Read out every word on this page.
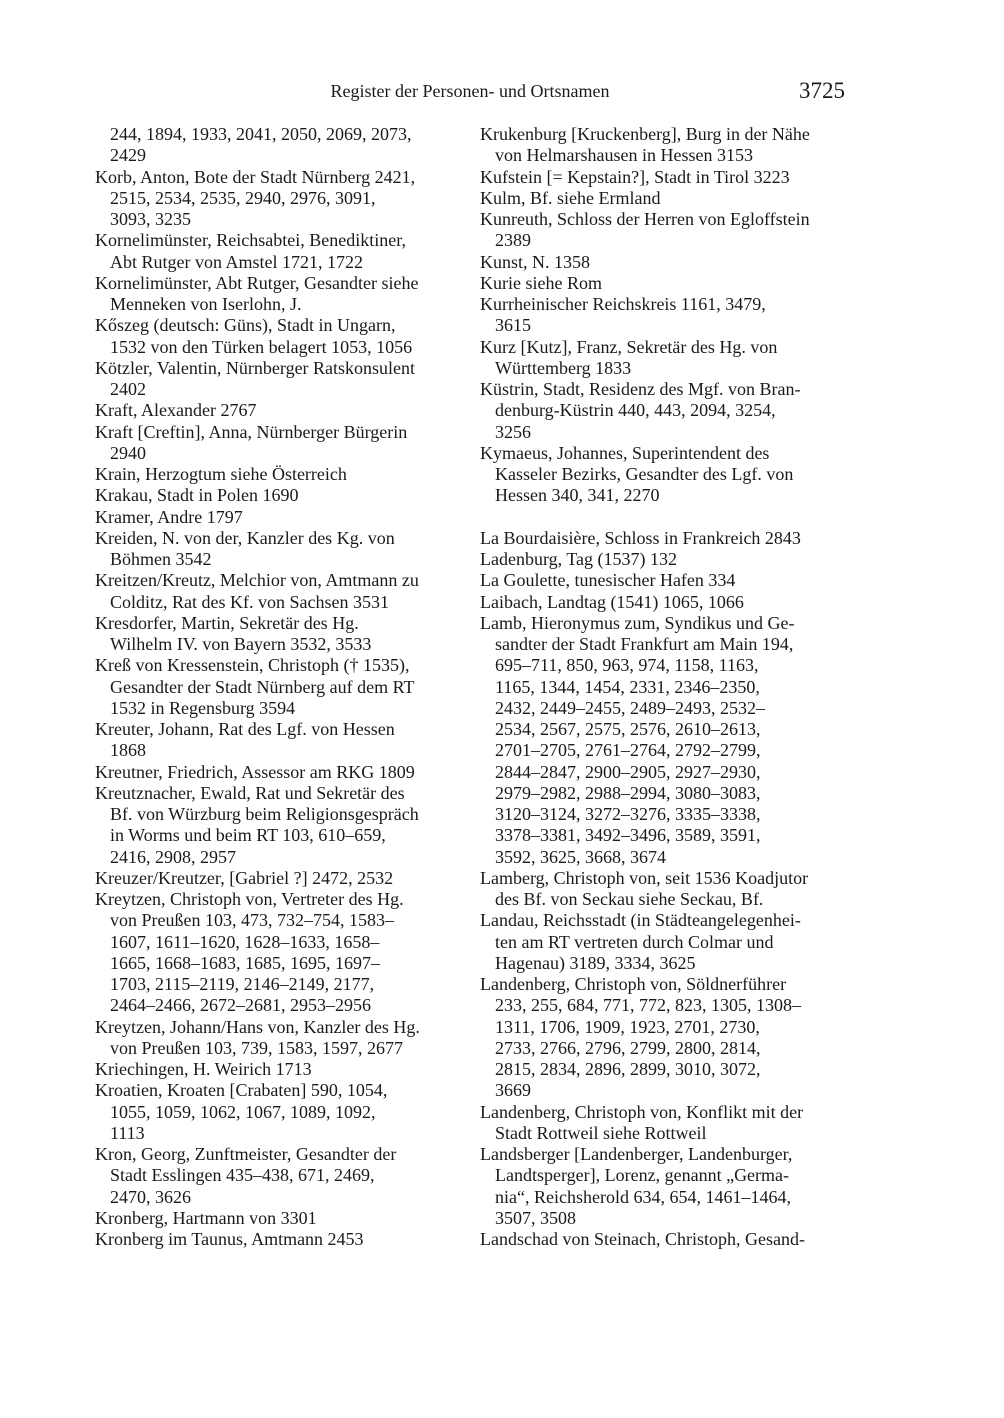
Register der Personen- und Ortsnamen	3725
244, 1894, 1933, 2041, 2050, 2069, 2073,
2429
Korb, Anton, Bote der Stadt Nürnberg 2421,
2515, 2534, 2535, 2940, 2976, 3091,
3093, 3235
Kornelimünster, Reichsabtei, Benediktiner,
Abt Rutger von Amstel 1721, 1722
Kornelimünster, Abt Rutger, Gesandter siehe
Menneken von Iserlohn, J.
Kőszeg (deutsch: Güns), Stadt in Ungarn,
1532 von den Türken belagert 1053, 1056
Kötzler, Valentin, Nürnberger Ratskonsulent
2402
Kraft, Alexander 2767
Kraft [Creftin], Anna, Nürnberger Bürgerin
2940
Krain, Herzogtum siehe Österreich
Krakau, Stadt in Polen 1690
Kramer, Andre 1797
Kreiden, N. von der, Kanzler des Kg. von
Böhmen 3542
Kreitzen/Kreutz, Melchior von, Amtmann zu
Colditz, Rat des Kf. von Sachsen 3531
Kresdorfer, Martin, Sekretär des Hg.
Wilhelm IV. von Bayern 3532, 3533
Kreß von Kressenstein, Christoph († 1535),
Gesandter der Stadt Nürnberg auf dem RT
1532 in Regensburg 3594
Kreuter, Johann, Rat des Lgf. von Hessen
1868
Kreutner, Friedrich, Assessor am RKG 1809
Kreutznacher, Ewald, Rat und Sekretär des
Bf. von Würzburg beim Religionsgespräch
in Worms und beim RT 103, 610–659,
2416, 2908, 2957
Kreuzer/Kreutzer, [Gabriel ?] 2472, 2532
Kreytzen, Christoph von, Vertreter des Hg.
von Preußen 103, 473, 732–754, 1583–
1607, 1611–1620, 1628–1633, 1658–
1665, 1668–1683, 1685, 1695, 1697–
1703, 2115–2119, 2146–2149, 2177,
2464–2466, 2672–2681, 2953–2956
Kreytzen, Johann/Hans von, Kanzler des Hg.
von Preußen 103, 739, 1583, 1597, 2677
Kriechingen, H. Weirich 1713
Kroatien, Kroaten [Crabaten] 590, 1054,
1055, 1059, 1062, 1067, 1089, 1092,
1113
Kron, Georg, Zunftmeister, Gesandter der
Stadt Esslingen 435–438, 671, 2469,
2470, 3626
Kronberg, Hartmann von 3301
Kronberg im Taunus, Amtmann 2453
Krukenburg [Kruckenberg], Burg in der Nähe
von Helmarshausen in Hessen 3153
Kufstein [= Kepstain?], Stadt in Tirol 3223
Kulm, Bf. siehe Ermland
Kunreuth, Schloss der Herren von Egloffstein
2389
Kunst, N. 1358
Kurie siehe Rom
Kurrheinischer Reichskreis 1161, 3479,
3615
Kurz [Kutz], Franz, Sekretär des Hg. von
Württemberg 1833
Küstrin, Stadt, Residenz des Mgf. von Bran-
denburg-Küstrin 440, 443, 2094, 3254,
3256
Kymaeus, Johannes, Superintendent des
Kasseler Bezirks, Gesandter des Lgf. von
Hessen 340, 341, 2270
La Bourdaisière, Schloss in Frankreich 2843
Ladenburg, Tag (1537) 132
La Goulette, tunesischer Hafen 334
Laibach, Landtag (1541) 1065, 1066
Lamb, Hieronymus zum, Syndikus und Ge-
sandter der Stadt Frankfurt am Main 194,
695–711, 850, 963, 974, 1158, 1163,
1165, 1344, 1454, 2331, 2346–2350,
2432, 2449–2455, 2489–2493, 2532–
2534, 2567, 2575, 2576, 2610–2613,
2701–2705, 2761–2764, 2792–2799,
2844–2847, 2900–2905, 2927–2930,
2979–2982, 2988–2994, 3080–3083,
3120–3124, 3272–3276, 3335–3338,
3378–3381, 3492–3496, 3589, 3591,
3592, 3625, 3668, 3674
Lamberg, Christoph von, seit 1536 Koadjutor
des Bf. von Seckau siehe Seckau, Bf.
Landau, Reichsstadt (in Städteangelegenhei-
ten am RT vertreten durch Colmar und
Hagenau) 3189, 3334, 3625
Landenberg, Christoph von, Söldnerführer
233, 255, 684, 771, 772, 823, 1305, 1308–
1311, 1706, 1909, 1923, 2701, 2730,
2733, 2766, 2796, 2799, 2800, 2814,
2815, 2834, 2896, 2899, 3010, 3072,
3669
Landenberg, Christoph von, Konflikt mit der
Stadt Rottweil siehe Rottweil
Landsberger [Landenberger, Landenburger,
Landtsperger], Lorenz, genannt „Germa-
nia“, Reichsherold 634, 654, 1461–1464,
3507, 3508
Landschad von Steinach, Christoph, Gesand-
